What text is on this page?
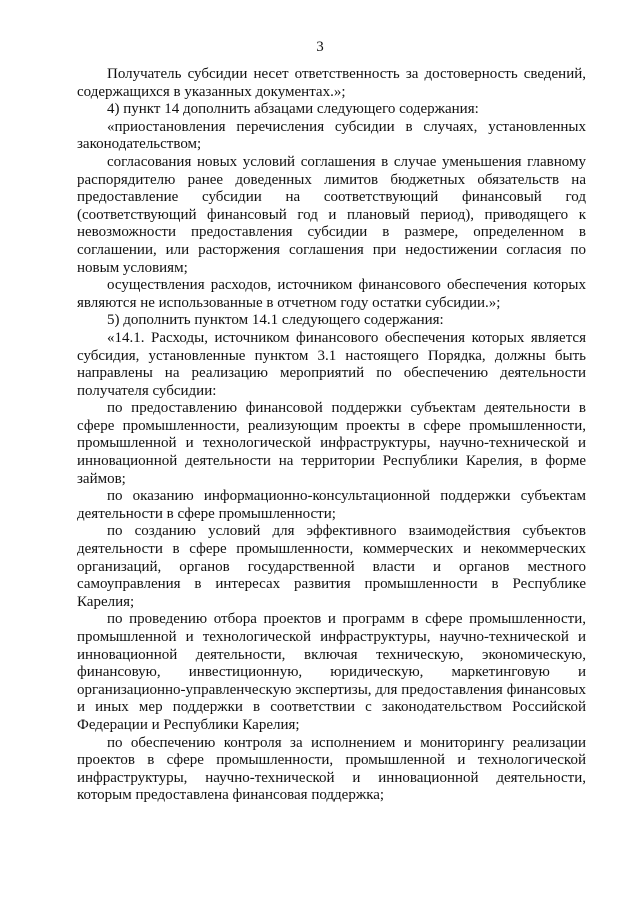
3

Получатель субсидии несет ответственность за достоверность сведений, содержащихся в указанных документах.»;

4) пункт 14 дополнить абзацами следующего содержания:

«приостановления перечисления субсидии в случаях, установленных законодательством;

согласования новых условий соглашения в случае уменьшения главному распорядителю ранее доведенных лимитов бюджетных обязательств на предоставление субсидии на соответствующий финансовый год (соответствующий финансовый год и плановый период), приводящего к невозможности предоставления субсидии в размере, определенном в соглашении, или расторжения соглашения при недостижении согласия по новым условиям;

осуществления расходов, источником финансового обеспечения которых являются не использованные в отчетном году остатки субсидии.»;

5) дополнить пунктом 14.1 следующего содержания:

«14.1. Расходы, источником финансового обеспечения которых является субсидия, установленные пунктом 3.1 настоящего Порядка, должны быть направлены на реализацию мероприятий по обеспечению деятельности получателя субсидии:

по предоставлению финансовой поддержки субъектам деятельности в сфере промышленности, реализующим проекты в сфере промышленности, промышленной и технологической инфраструктуры, научно-технической и инновационной деятельности на территории Республики Карелия, в форме займов;

по оказанию информационно-консультационной поддержки субъектам деятельности в сфере промышленности;

по созданию условий для эффективного взаимодействия субъектов деятельности в сфере промышленности, коммерческих и некоммерческих организаций, органов государственной власти и органов местного самоуправления в интересах развития промышленности в Республике Карелия;

по проведению отбора проектов и программ в сфере промышленности, промышленной и технологической инфраструктуры, научно-технической и инновационной деятельности, включая техническую, экономическую, финансовую, инвестиционную, юридическую, маркетинговую и организационно-управленческую экспертизы, для предоставления финансовых и иных мер поддержки в соответствии с законодательством Российской Федерации и Республики Карелия;

по обеспечению контроля за исполнением и мониторингу реализации проектов в сфере промышленности, промышленной и технологической инфраструктуры, научно-технической и инновационной деятельности, которым предоставлена финансовая поддержка;
